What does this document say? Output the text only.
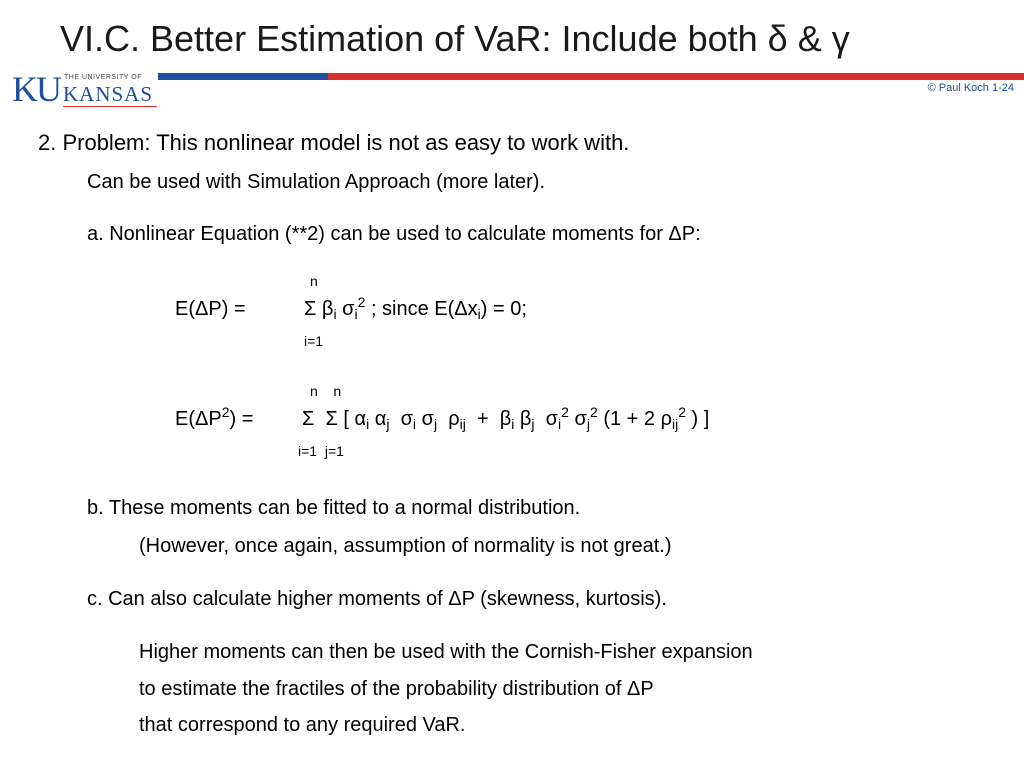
VI.C. Better Estimation of VaR: Include both δ & γ
KU THE UNIVERSITY OF
KANSAS	© Paul Koch 1-24
2. Problem: This nonlinear model is not as easy to work with.
Can be used with Simulation Approach (more later).
a. Nonlinear Equation (**2) can be used to calculate moments for ΔP:
n
E(ΔP) =	Σ $\beta_i$ $\sigma_i^2$ ; since $E(\Delta x_i) = 0$;
i=1
n    n
$E(\Delta P^2) = \Sigma$  Σ [ $\alpha_i$ $\alpha_j$  $\sigma_i$ $\sigma_j$  $\rho_{ij} + \beta_i$ $\beta_j$  $\sigma_i^2$ $\sigma_j^2$ (1 + 2 $\rho_{ij}^2$ ) ]
i=1  j=1
b. These moments can be fitted to a normal distribution.
(However, once again, assumption of normality is not great.)
c. Can also calculate higher moments of ΔP (skewness, kurtosis).
Higher moments can then be used with the Cornish-Fisher expansion
to estimate the fractiles of the probability distribution of ΔP
that correspond to any required VaR.
